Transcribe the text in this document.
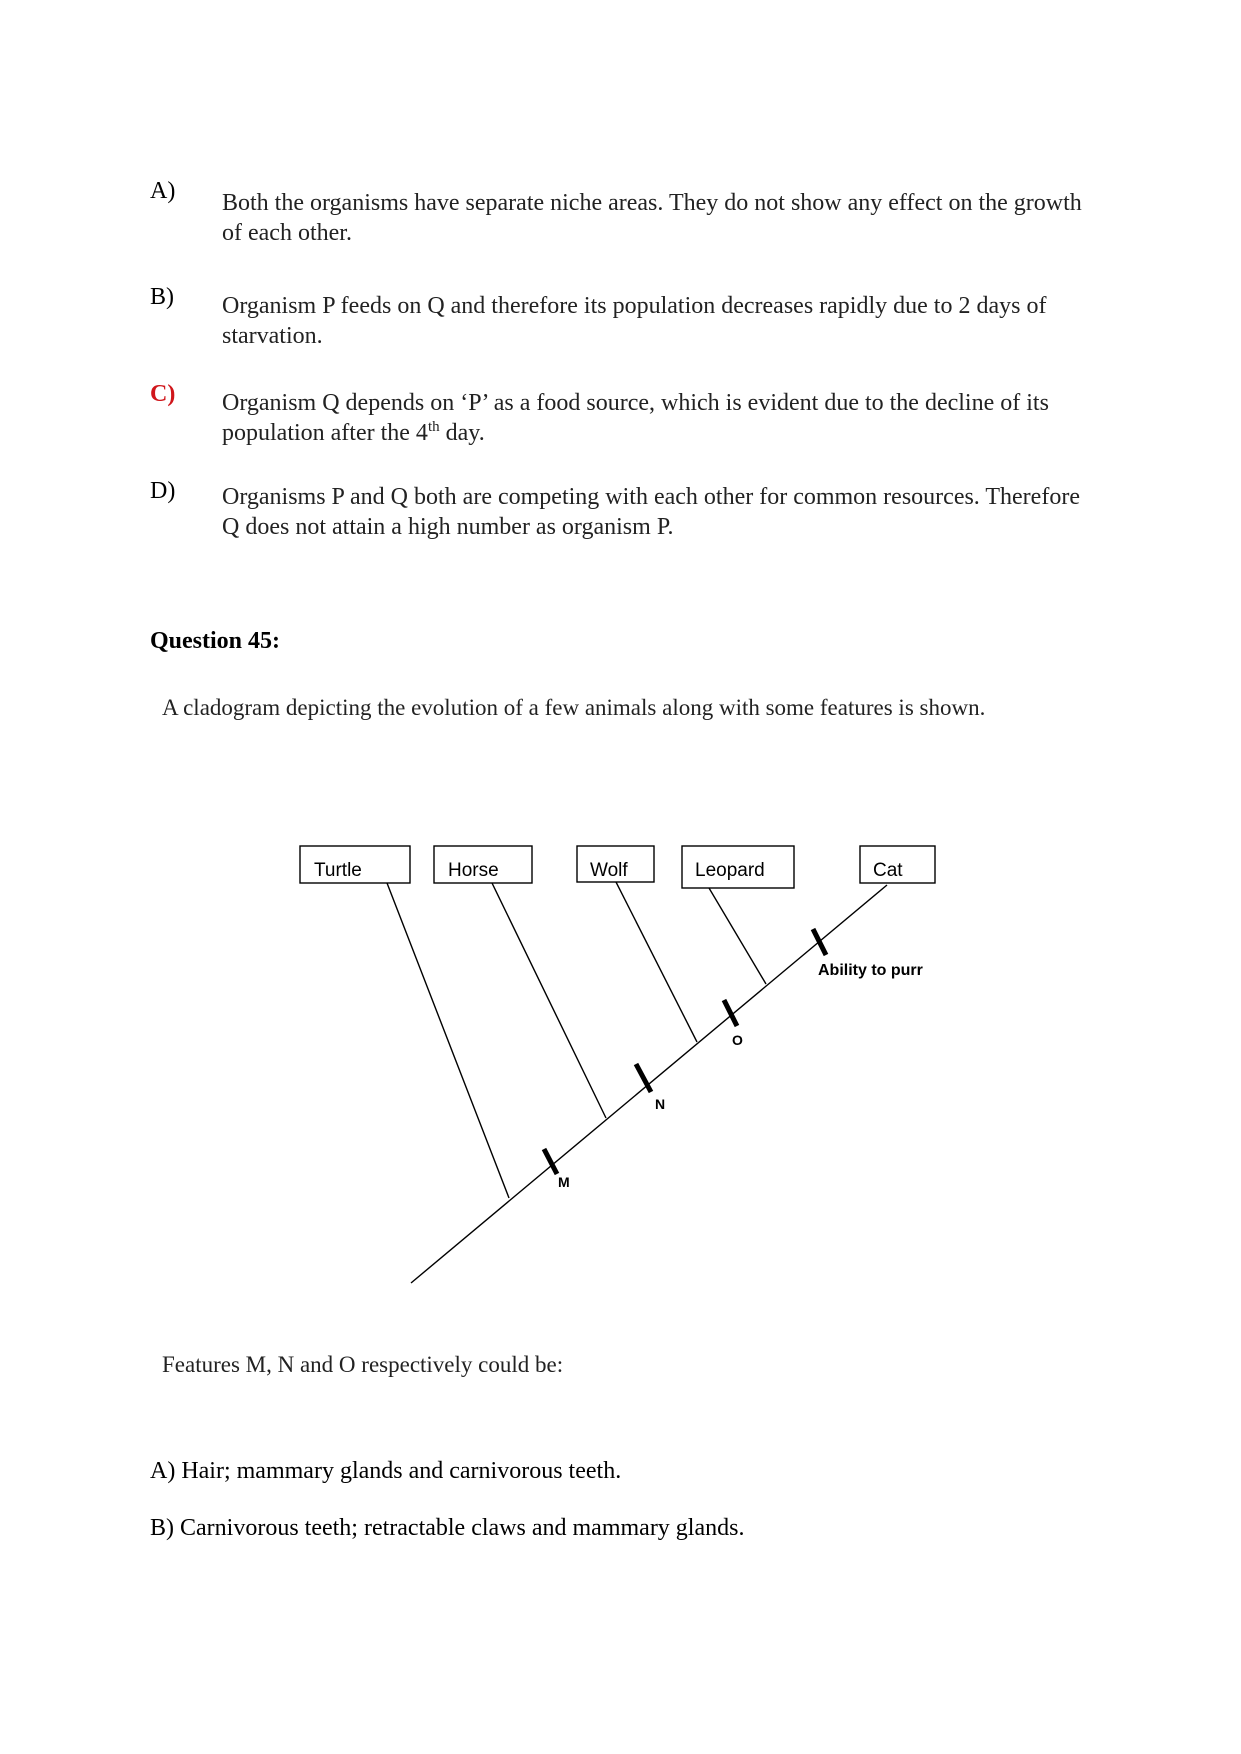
A) Both the organisms have separate niche areas. They do not show any effect on the growth of each other.
B) Organism P feeds on Q and therefore its population decreases rapidly due to 2 days of starvation.
C) Organism Q depends on ‘P’ as a food source, which is evident due to the decline of its population after the 4th day.
D) Organisms P and Q both are competing with each other for common resources. Therefore Q does not attain a high number as organism P.
Question 45:
A cladogram depicting the evolution of a few animals along with some features is shown.
Turtle	Horse	Wolf	Leopard	Cat
M
N
O
Ability to purr
Features M, N and O respectively could be:
A) Hair; mammary glands and carnivorous teeth.
B) Carnivorous teeth; retractable claws and mammary glands.
